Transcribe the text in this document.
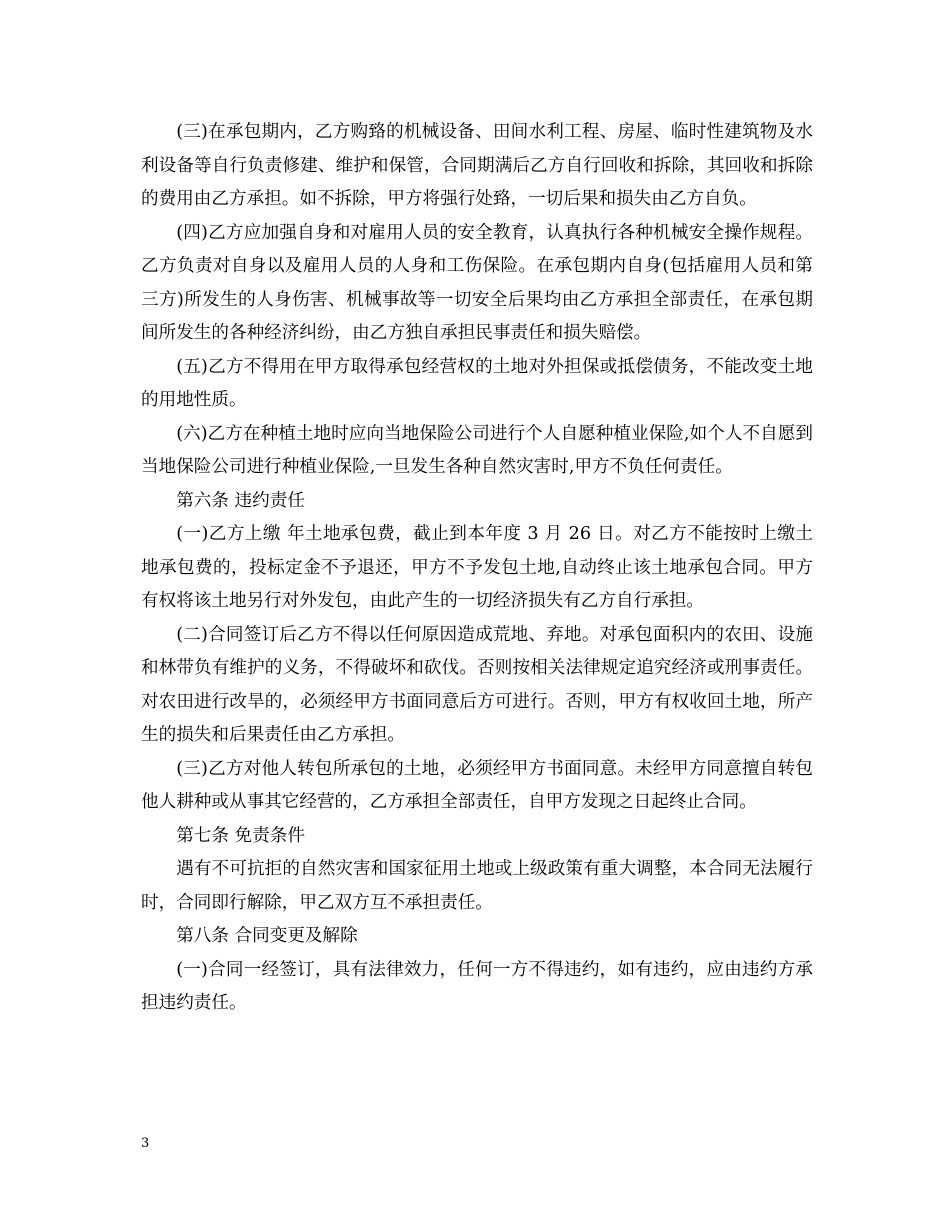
(三)在承包期内，乙方购臵的机械设备、田间水利工程、房屋、临时性建筑物及水利设备等自行负责修建、维护和保管，合同期满后乙方自行回收和拆除，其回收和拆除的费用由乙方承担。如不拆除，甲方将强行处臵，一切后果和损失由乙方自负。

(四)乙方应加强自身和对雇用人员的安全教育，认真执行各种机械安全操作规程。乙方负责对自身以及雇用人员的人身和工伤保险。在承包期内自身(包括雇用人员和第三方)所发生的人身伤害、机械事故等一切安全后果均由乙方承担全部责任，在承包期间所发生的各种经济纠纷，由乙方独自承担民事责任和损失赔偿。

(五)乙方不得用在甲方取得承包经营权的土地对外担保或抵偿债务，不能改变土地的用地性质。

(六)乙方在种植土地时应向当地保险公司进行个人自愿种植业保险,如个人不自愿到当地保险公司进行种植业保险,一旦发生各种自然灾害时,甲方不负任何责任。

第六条 违约责任

(一)乙方上缴 年土地承包费，截止到本年度 3 月 26 日。对乙方不能按时上缴土地承包费的，投标定金不予退还，甲方不予发包土地,自动终止该土地承包合同。甲方有权将该土地另行对外发包，由此产生的一切经济损失有乙方自行承担。

(二)合同签订后乙方不得以任何原因造成荒地、弃地。对承包面积内的农田、设施和林带负有维护的义务，不得破坏和砍伐。否则按相关法律规定追究经济或刑事责任。对农田进行改旱的，必须经甲方书面同意后方可进行。否则，甲方有权收回土地，所产生的损失和后果责任由乙方承担。

(三)乙方对他人转包所承包的土地，必须经甲方书面同意。未经甲方同意擅自转包他人耕种或从事其它经营的，乙方承担全部责任，自甲方发现之日起终止合同。

第七条 免责条件

遇有不可抗拒的自然灾害和国家征用土地或上级政策有重大调整，本合同无法履行时，合同即行解除，甲乙双方互不承担责任。

第八条 合同变更及解除

(一)合同一经签订，具有法律效力，任何一方不得违约，如有违约，应由违约方承担违约责任。

3
